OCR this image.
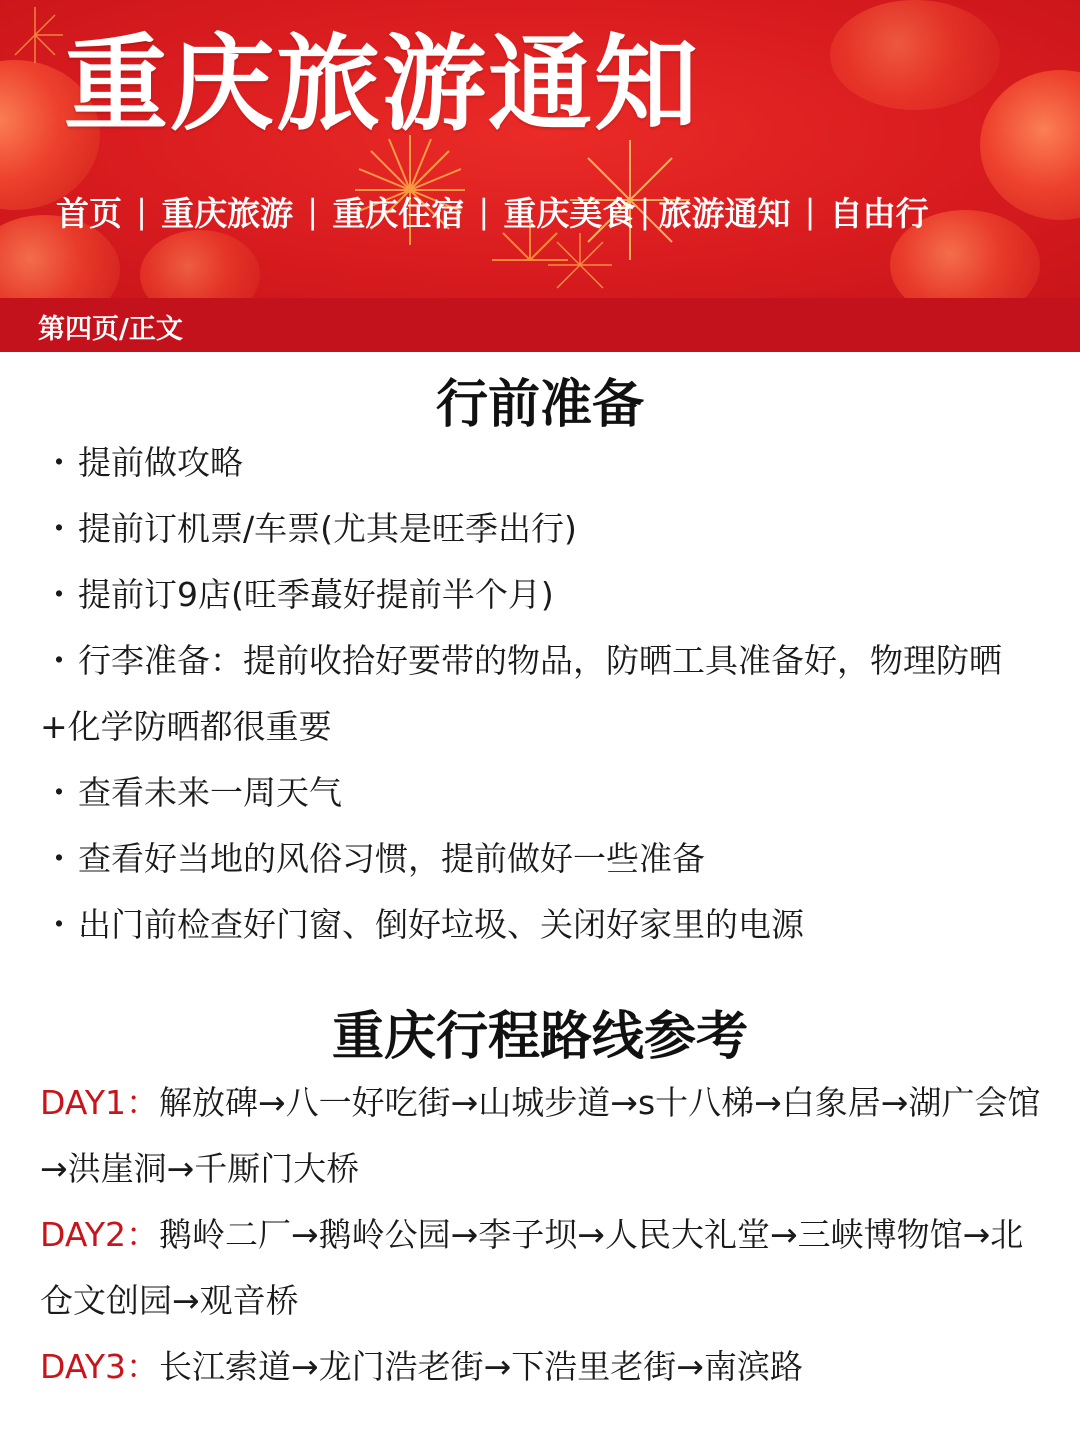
重庆旅游通知
首页 | 重庆旅游 | 重庆住宿 | 重庆美食 | 旅游通知 | 自由行
第四页/正文
行前准备
・提前做攻略
・提前订机票/车票(尤其是旺季出行)
・提前订9店(旺季蕞好提前半个月)
・行李准备：提前收拾好要带的物品，防晒工具准备好，物理防晒+化学防晒都很重要
・查看未来一周天气
・查看好当地的风俗习惯，提前做好一些准备
・出门前检查好门窗、倒好垃圾、关闭好家里的电源
重庆行程路线参考
DAY1：解放碑→八一好吃街→山城步道→s十八梯→白象居→湖广会馆→洪崖洞→千厮门大桥
DAY2：鹅岭二厂→鹅岭公园→李子坝→人民大礼堂→三峡博物馆→北仓文创园→观音桥
DAY3：长江索道→龙门浩老街→下浩里老街→南滨路
